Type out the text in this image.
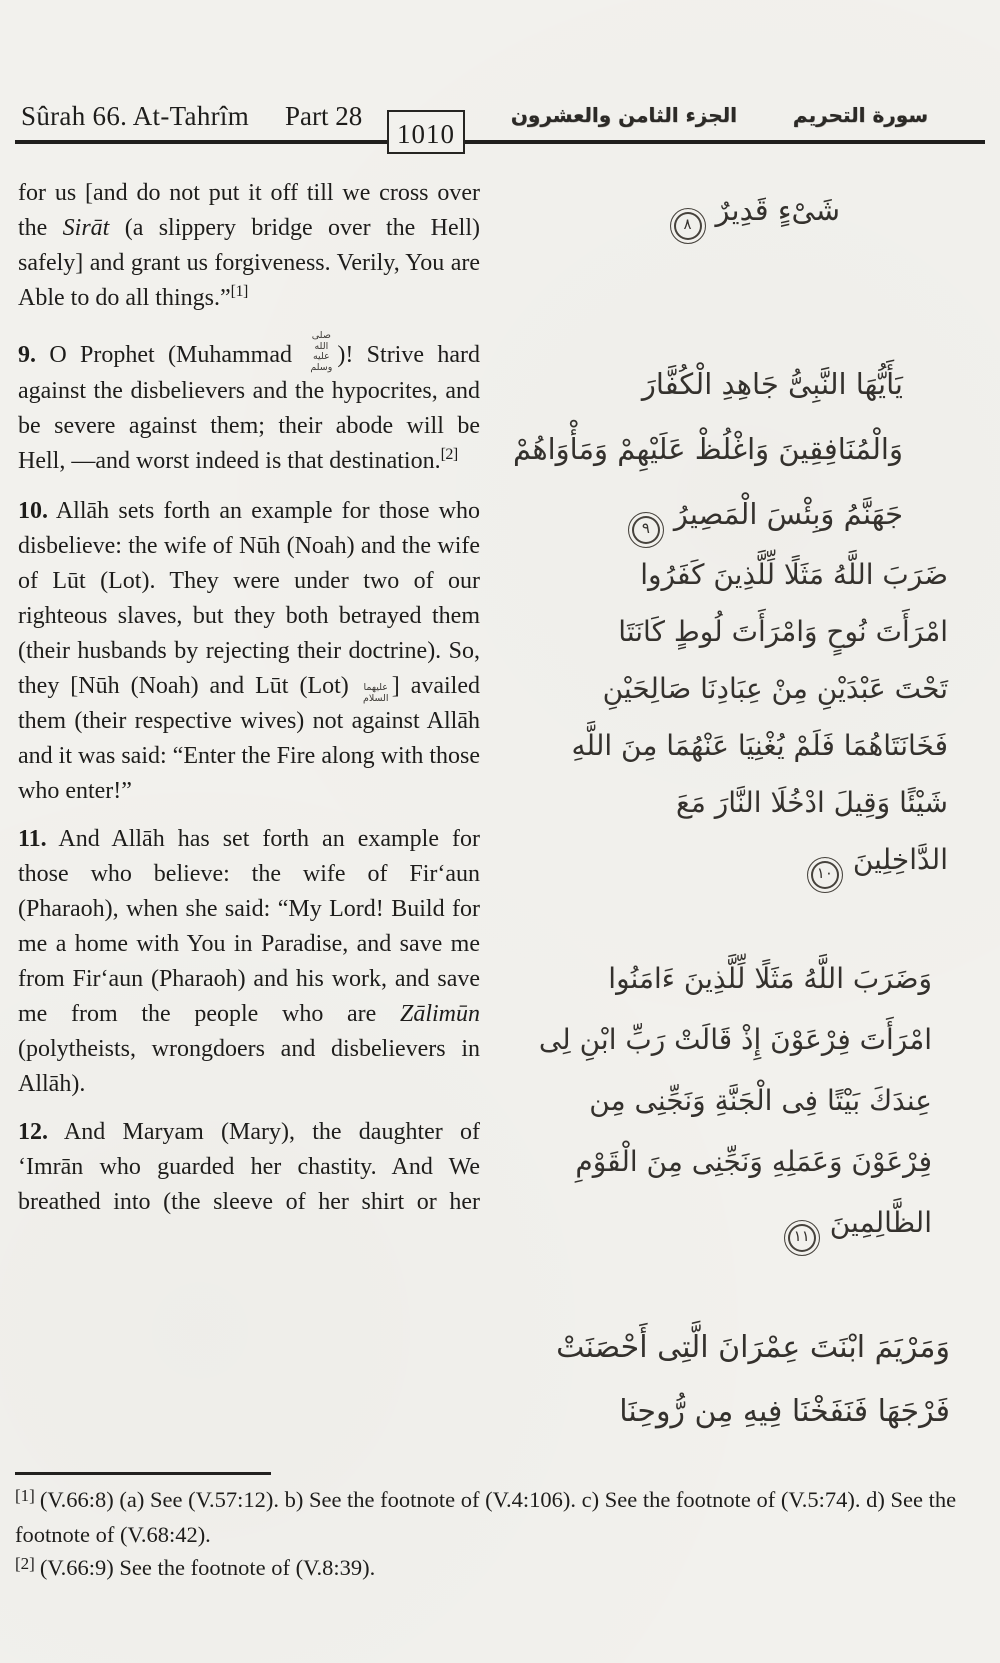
Sûrah 66. At-Tahrîm Part 28
1010
الجزء الثامن والعشرون	سورة التحريم

for us [and do not put it off till we cross over the Sirāt (a slippery bridge over the Hell) safely] and grant us forgiveness. Verily, You are Able to do all things.”[1]

9. O Prophet (Muhammad صلى الله عليه وسلم )! Strive hard against the disbelievers and the hypocrites, and be severe against them; their abode will be Hell, —and worst indeed is that destination.[2]

10. Allāh sets forth an example for those who disbelieve: the wife of Nūh (Noah) and the wife of Lūt (Lot). They were under two of our righteous slaves, but they both betrayed them (their husbands by rejecting their doctrine). So, they [Nūh (Noah) and Lūt (Lot) عليهما السلام ] availed them (their respective wives) not against Allāh and it was said: “Enter the Fire along with those who enter!”

11. And Allāh has set forth an example for those who believe: the wife of Fir‘aun (Pharaoh), when she said: “My Lord! Build for me a home with You in Paradise, and save me from Fir‘aun (Pharaoh) and his work, and save me from the people who are Zālimūn (polytheists, wrongdoers and disbelievers in Allāh).

12. And Maryam (Mary), the daughter of ‘Imrān who guarded her chastity. And We breathed into (the sleeve of her shirt or her

[1] (V.66:8) (a) See (V.57:12). b) See the footnote of (V.4:106). c) See the footnote of (V.5:74). d) See the footnote of (V.68:42).
[2] (V.66:9) See the footnote of (V.8:39).
شَىْءٍ قَدِيرٌ
٨
يَأَيُّهَا النَّبِىُّ جَاهِدِ الْكُفَّارَ
وَالْمُنَافِقِينَ وَاغْلُظْ عَلَيْهِمْ وَمَأْوَاهُمْ
جَهَنَّمُ وَبِئْسَ الْمَصِيرُ
٩
ضَرَبَ اللَّهُ مَثَلًا لِّلَّذِينَ كَفَرُوا
امْرَأَتَ نُوحٍ وَامْرَأَتَ لُوطٍ كَانَتَا
تَحْتَ عَبْدَيْنِ مِنْ عِبَادِنَا صَالِحَيْنِ
فَخَانَتَاهُمَا فَلَمْ يُغْنِيَا عَنْهُمَا مِنَ اللَّهِ
شَيْئًا وَقِيلَ ادْخُلَا النَّارَ مَعَ
الدَّاخِلِينَ
١٠
وَضَرَبَ اللَّهُ مَثَلًا لِّلَّذِينَ ءَامَنُوا
امْرَأَتَ فِرْعَوْنَ إِذْ قَالَتْ رَبِّ ابْنِ لِى
عِندَكَ بَيْتًا فِى الْجَنَّةِ وَنَجِّنِى مِن
فِرْعَوْنَ وَعَمَلِهِ وَنَجِّنِى مِنَ الْقَوْمِ
الظَّالِمِينَ
١١
وَمَرْيَمَ ابْنَتَ عِمْرَانَ الَّتِى أَحْصَنَتْ
فَرْجَهَا فَنَفَخْنَا فِيهِ مِن رُّوحِنَا
